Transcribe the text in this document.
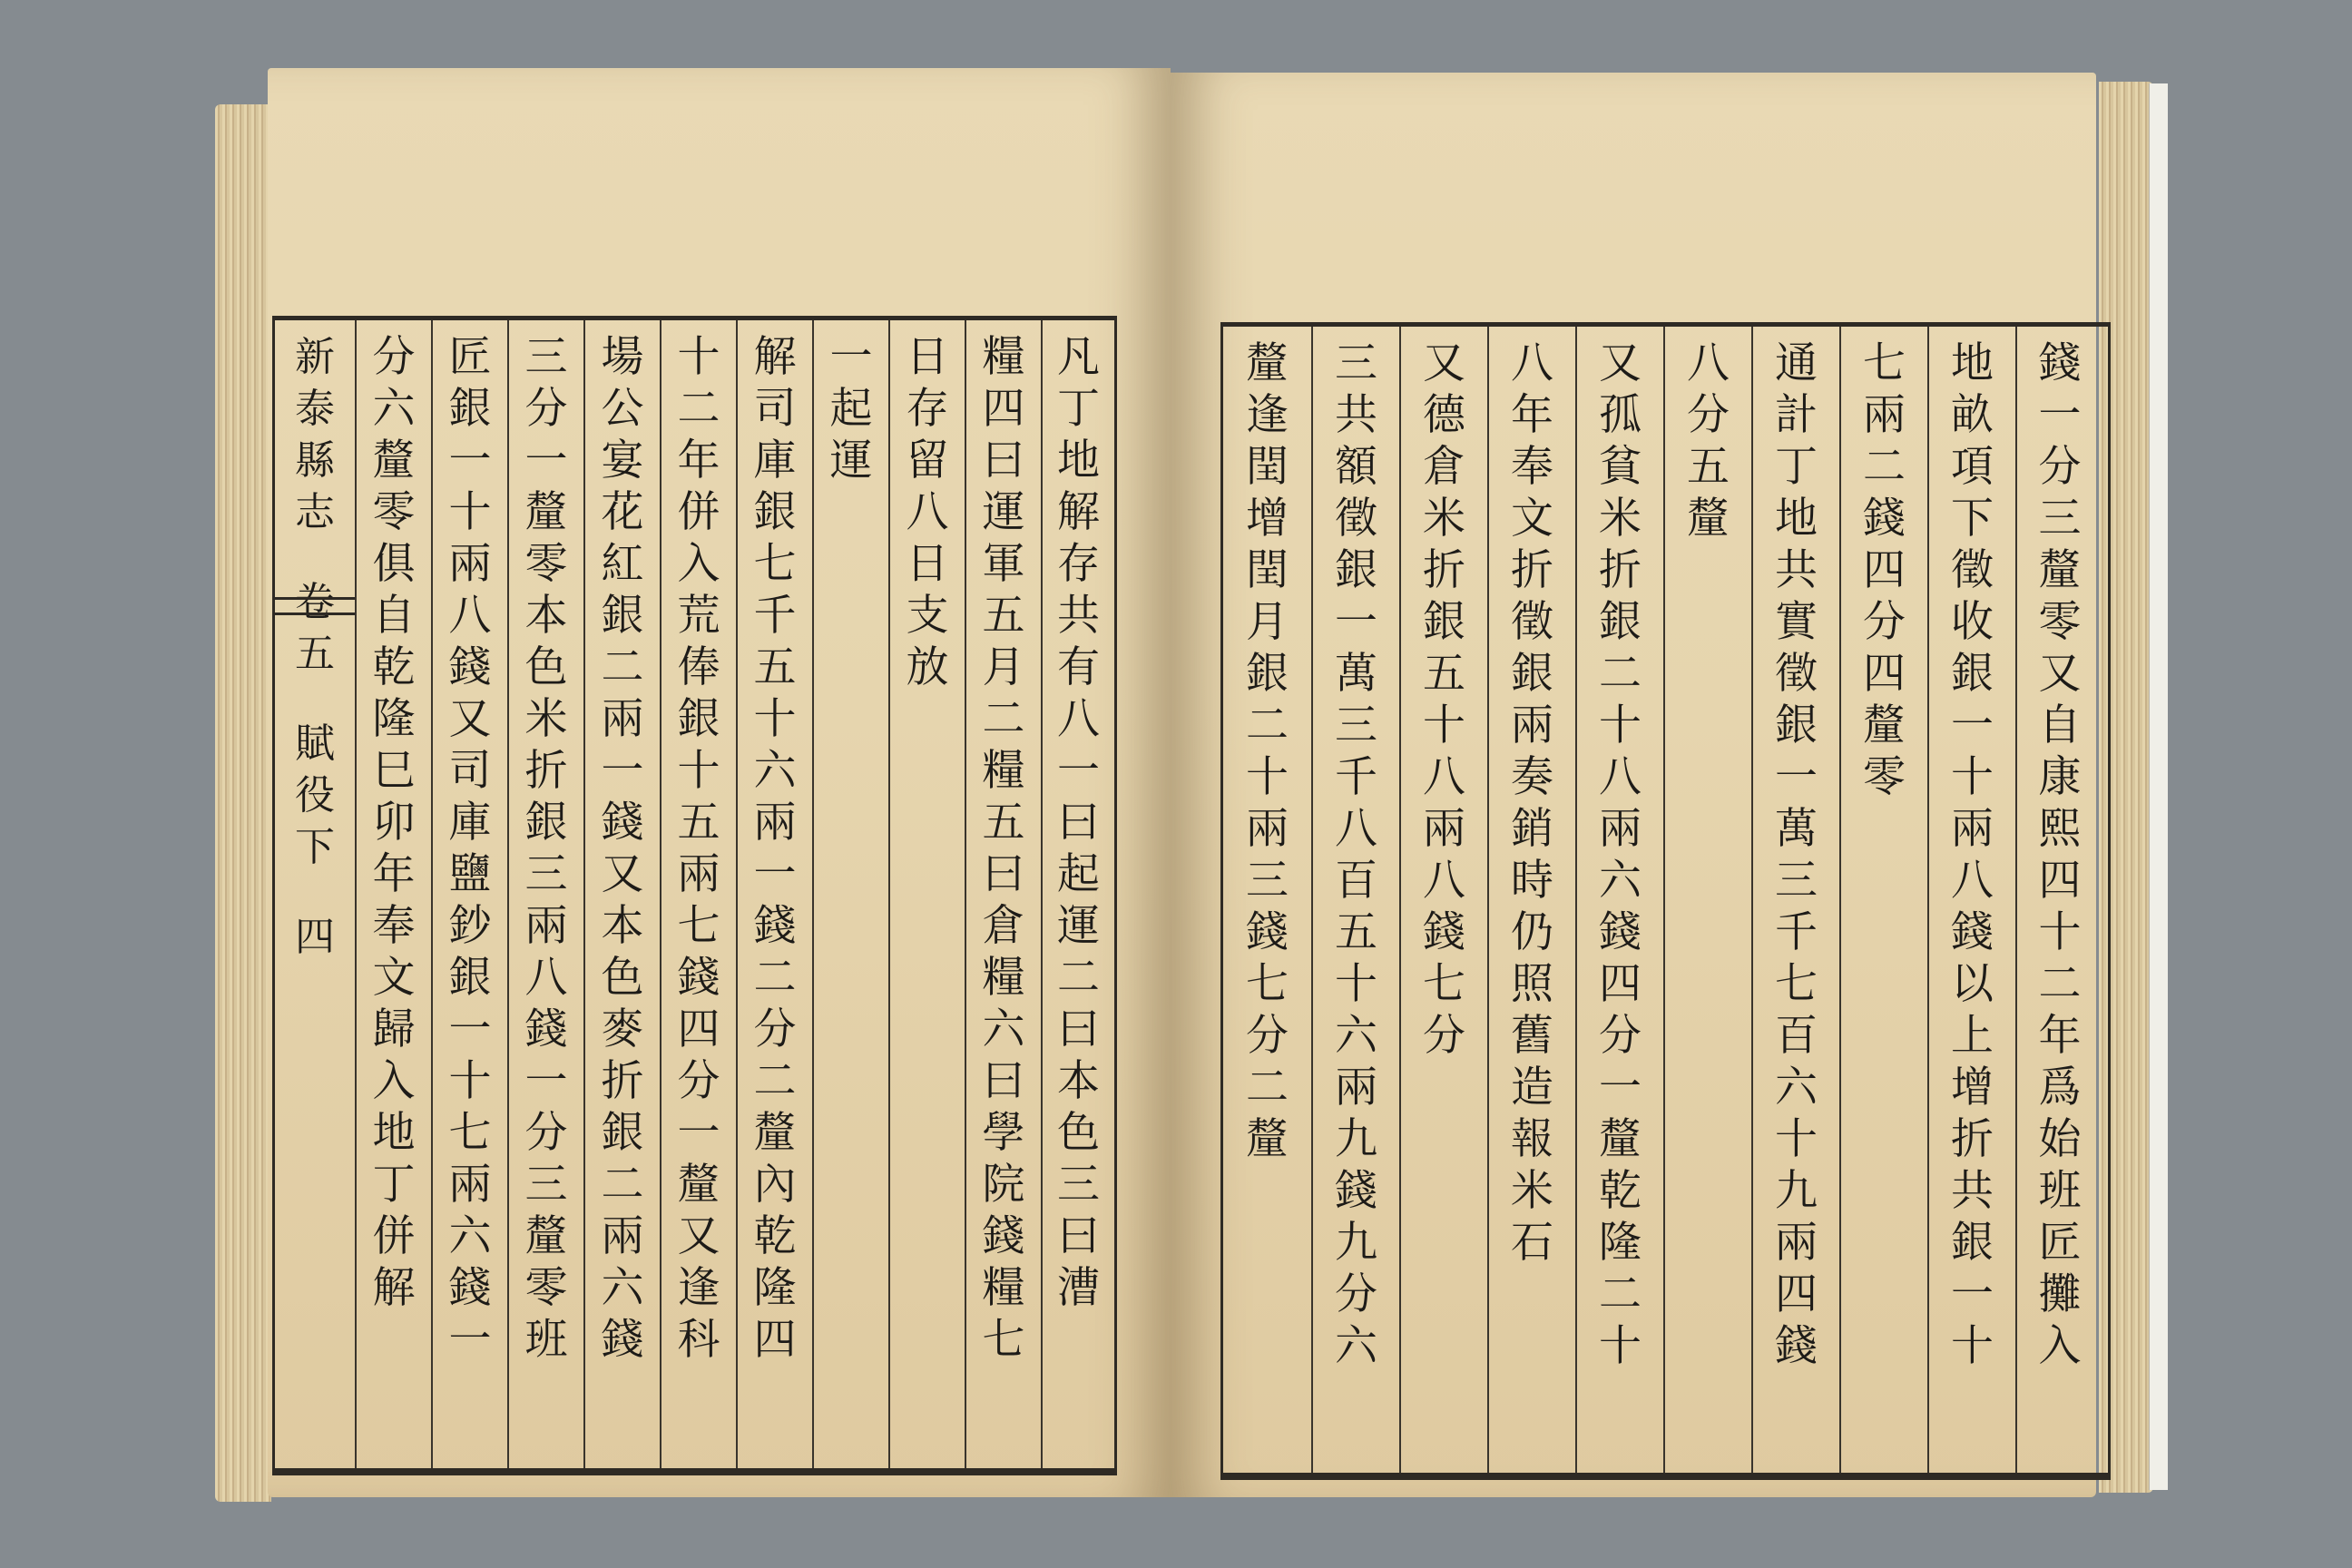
新
泰
縣
志
卷
五
賦
役
下
四
分
六
釐
零
俱
自
乾
隆
巳
卯
年
奉
文
歸
入
地
丁
併
解
匠
銀
一
十
兩
八
錢
又
司
庫
鹽
鈔
銀
一
十
七
兩
六
錢
一
三
分
一
釐
零
本
色
米
折
銀
三
兩
八
錢
一
分
三
釐
零
班
場
公
宴
花
紅
銀
二
兩
一
錢
又
本
色
麥
折
銀
二
兩
六
錢
十
二
年
併
入
荒
俸
銀
十
五
兩
七
錢
四
分
一
釐
又
逢
科
解
司
庫
銀
七
千
五
十
六
兩
一
錢
二
分
二
釐
內
乾
隆
四
一
起
運
日
存
留
八
日
支
放
糧
四
曰
運
軍
五
月
二
糧
五
曰
倉
糧
六
曰
學
院
錢
糧
七
凡
丁
地
解
存
共
有
八
一
曰
起
運
二
曰
本
色
三
曰
漕
釐
逢
閏
增
閏
月
銀
二
十
兩
三
錢
七
分
二
釐
三
共
額
徵
銀
一
萬
三
千
八
百
五
十
六
兩
九
錢
九
分
六
又
德
倉
米
折
銀
五
十
八
兩
八
錢
七
分
八
年
奉
文
折
徵
銀
兩
奏
銷
時
仍
照
舊
造
報
米
石
又
孤
貧
米
折
銀
二
十
八
兩
六
錢
四
分
一
釐
乾
隆
二
十
八
分
五
釐
通
計
丁
地
共
實
徵
銀
一
萬
三
千
七
百
六
十
九
兩
四
錢
七
兩
二
錢
四
分
四
釐
零
地
畝
項
下
徵
收
銀
一
十
兩
八
錢
以
上
增
折
共
銀
一
十
錢
一
分
三
釐
零
又
自
康
熙
四
十
二
年
爲
始
班
匠
攤
入
